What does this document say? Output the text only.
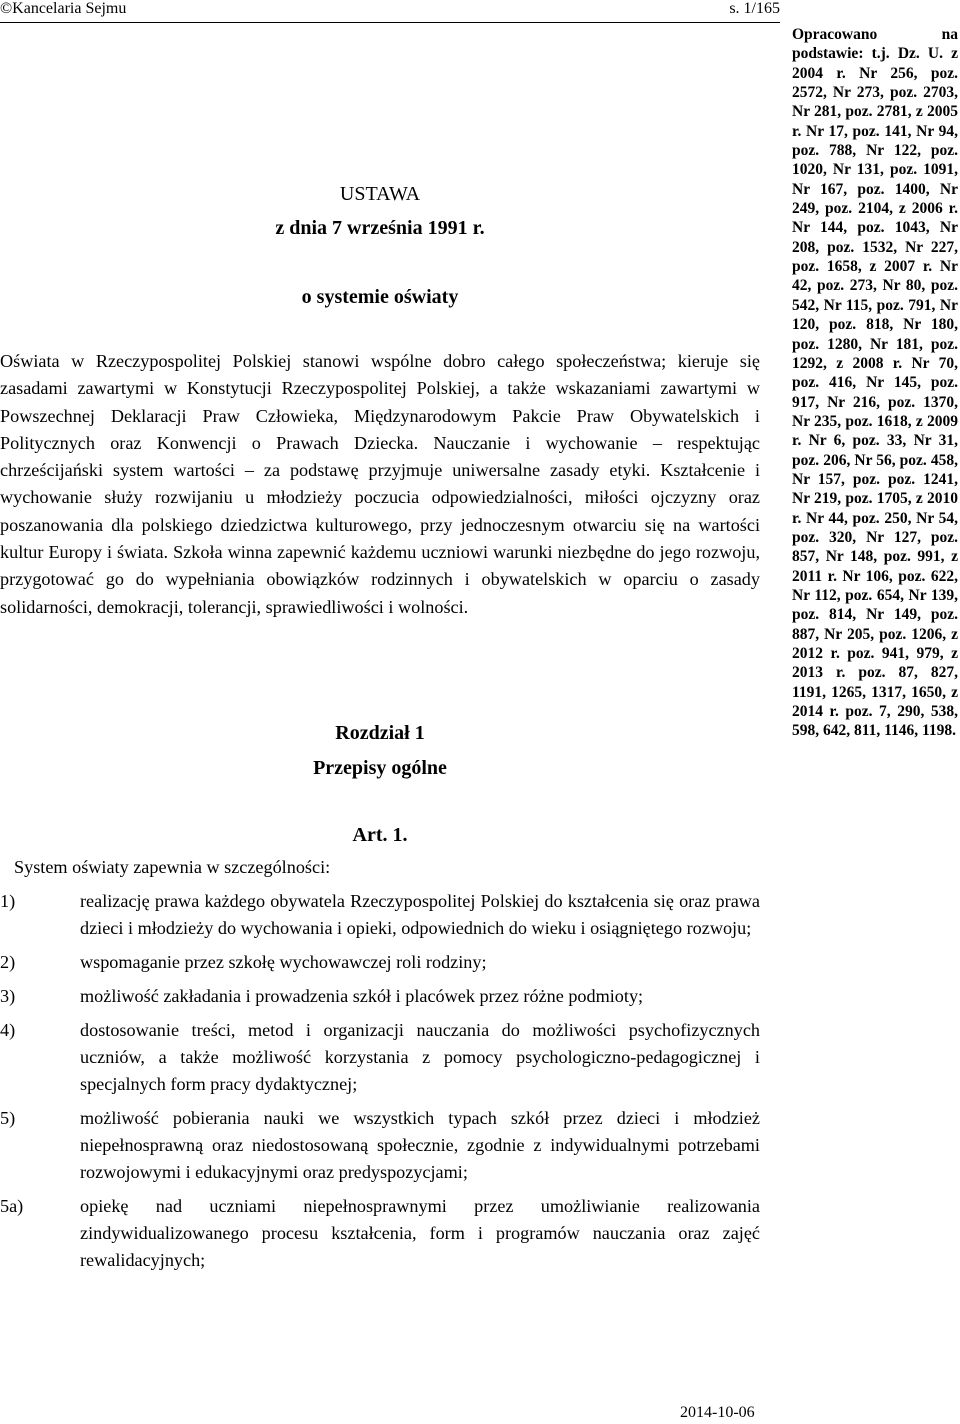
©Kancelaria Sejmu	s. 1/165
Opracowano na podstawie: t.j. Dz. U. z 2004 r. Nr 256, poz. 2572, Nr 273, poz. 2703, Nr 281, poz. 2781, z 2005 r. Nr 17, poz. 141, Nr 94, poz. 788, Nr 122, poz. 1020, Nr 131, poz. 1091, Nr 167, poz. 1400, Nr 249, poz. 2104, z 2006 r. Nr 144, poz. 1043, Nr 208, poz. 1532, Nr 227, poz. 1658, z 2007 r. Nr 42, poz. 273, Nr 80, poz. 542, Nr 115, poz. 791, Nr 120, poz. 818, Nr 180, poz. 1280, Nr 181, poz. 1292, z 2008 r. Nr 70, poz. 416, Nr 145, poz. 917, Nr 216, poz. 1370, Nr 235, poz. 1618, z 2009 r. Nr 6, poz. 33, Nr 31, poz. 206, Nr 56, poz. 458, Nr 157, poz. poz. 1241, Nr 219, poz. 1705, z 2010 r. Nr 44, poz. 250, Nr 54, poz. 320, Nr 127, poz. 857, Nr 148, poz. 991, z 2011 r. Nr 106, poz. 622, Nr 112, poz. 654, Nr 139, poz. 814, Nr 149, poz. 887, Nr 205, poz. 1206, z 2012 r. poz. 941, 979, z 2013 r. poz. 87, 827, 1191, 1265, 1317, 1650, z 2014 r. poz. 7, 290, 538, 598, 642, 811, 1146, 1198.
USTAWA
z dnia 7 września 1991 r.
o systemie oświaty
Oświata w Rzeczypospolitej Polskiej stanowi wspólne dobro całego społeczeństwa; kieruje się zasadami zawartymi w Konstytucji Rzeczypospolitej Polskiej, a także wskazaniami zawartymi w Powszechnej Deklaracji Praw Człowieka, Międzynarodowym Pakcie Praw Obywatelskich i Politycznych oraz Konwencji o Prawach Dziecka. Nauczanie i wychowanie – respektując chrześcijański system wartości – za podstawę przyjmuje uniwersalne zasady etyki. Kształcenie i wychowanie służy rozwijaniu u młodzieży poczucia odpowiedzialności, miłości ojczyzny oraz poszanowania dla polskiego dziedzictwa kulturowego, przy jednoczesnym otwarciu się na wartości kultur Europy i świata. Szkoła winna zapewnić każdemu uczniowi warunki niezbędne do jego rozwoju, przygotować go do wypełniania obowiązków rodzinnych i obywatelskich w oparciu o zasady solidarności, demokracji, tolerancji, sprawiedliwości i wolności.
Rozdział 1
Przepisy ogólne
Art. 1.
System oświaty zapewnia w szczególności:
1)	realizację prawa każdego obywatela Rzeczypospolitej Polskiej do kształcenia się oraz prawa dzieci i młodzieży do wychowania i opieki, odpowiednich do wieku i osiągniętego rozwoju;
2)	wspomaganie przez szkołę wychowawczej roli rodziny;
3)	możliwość zakładania i prowadzenia szkół i placówek przez różne podmioty;
4)	dostosowanie treści, metod i organizacji nauczania do możliwości psychofizycznych uczniów, a także możliwość korzystania z pomocy psychologiczno-pedagogicznej i specjalnych form pracy dydaktycznej;
5)	możliwość pobierania nauki we wszystkich typach szkół przez dzieci i młodzież niepełnosprawną oraz niedostosowaną społecznie, zgodnie z indywidualnymi potrzebami rozwojowymi i edukacyjnymi oraz predyspozycjami;
5a)	opiekę nad uczniami niepełnosprawnymi przez umożliwianie realizowania zindywidualizowanego procesu kształcenia, form i programów nauczania oraz zajęć rewalidacyjnych;
2014-10-06
